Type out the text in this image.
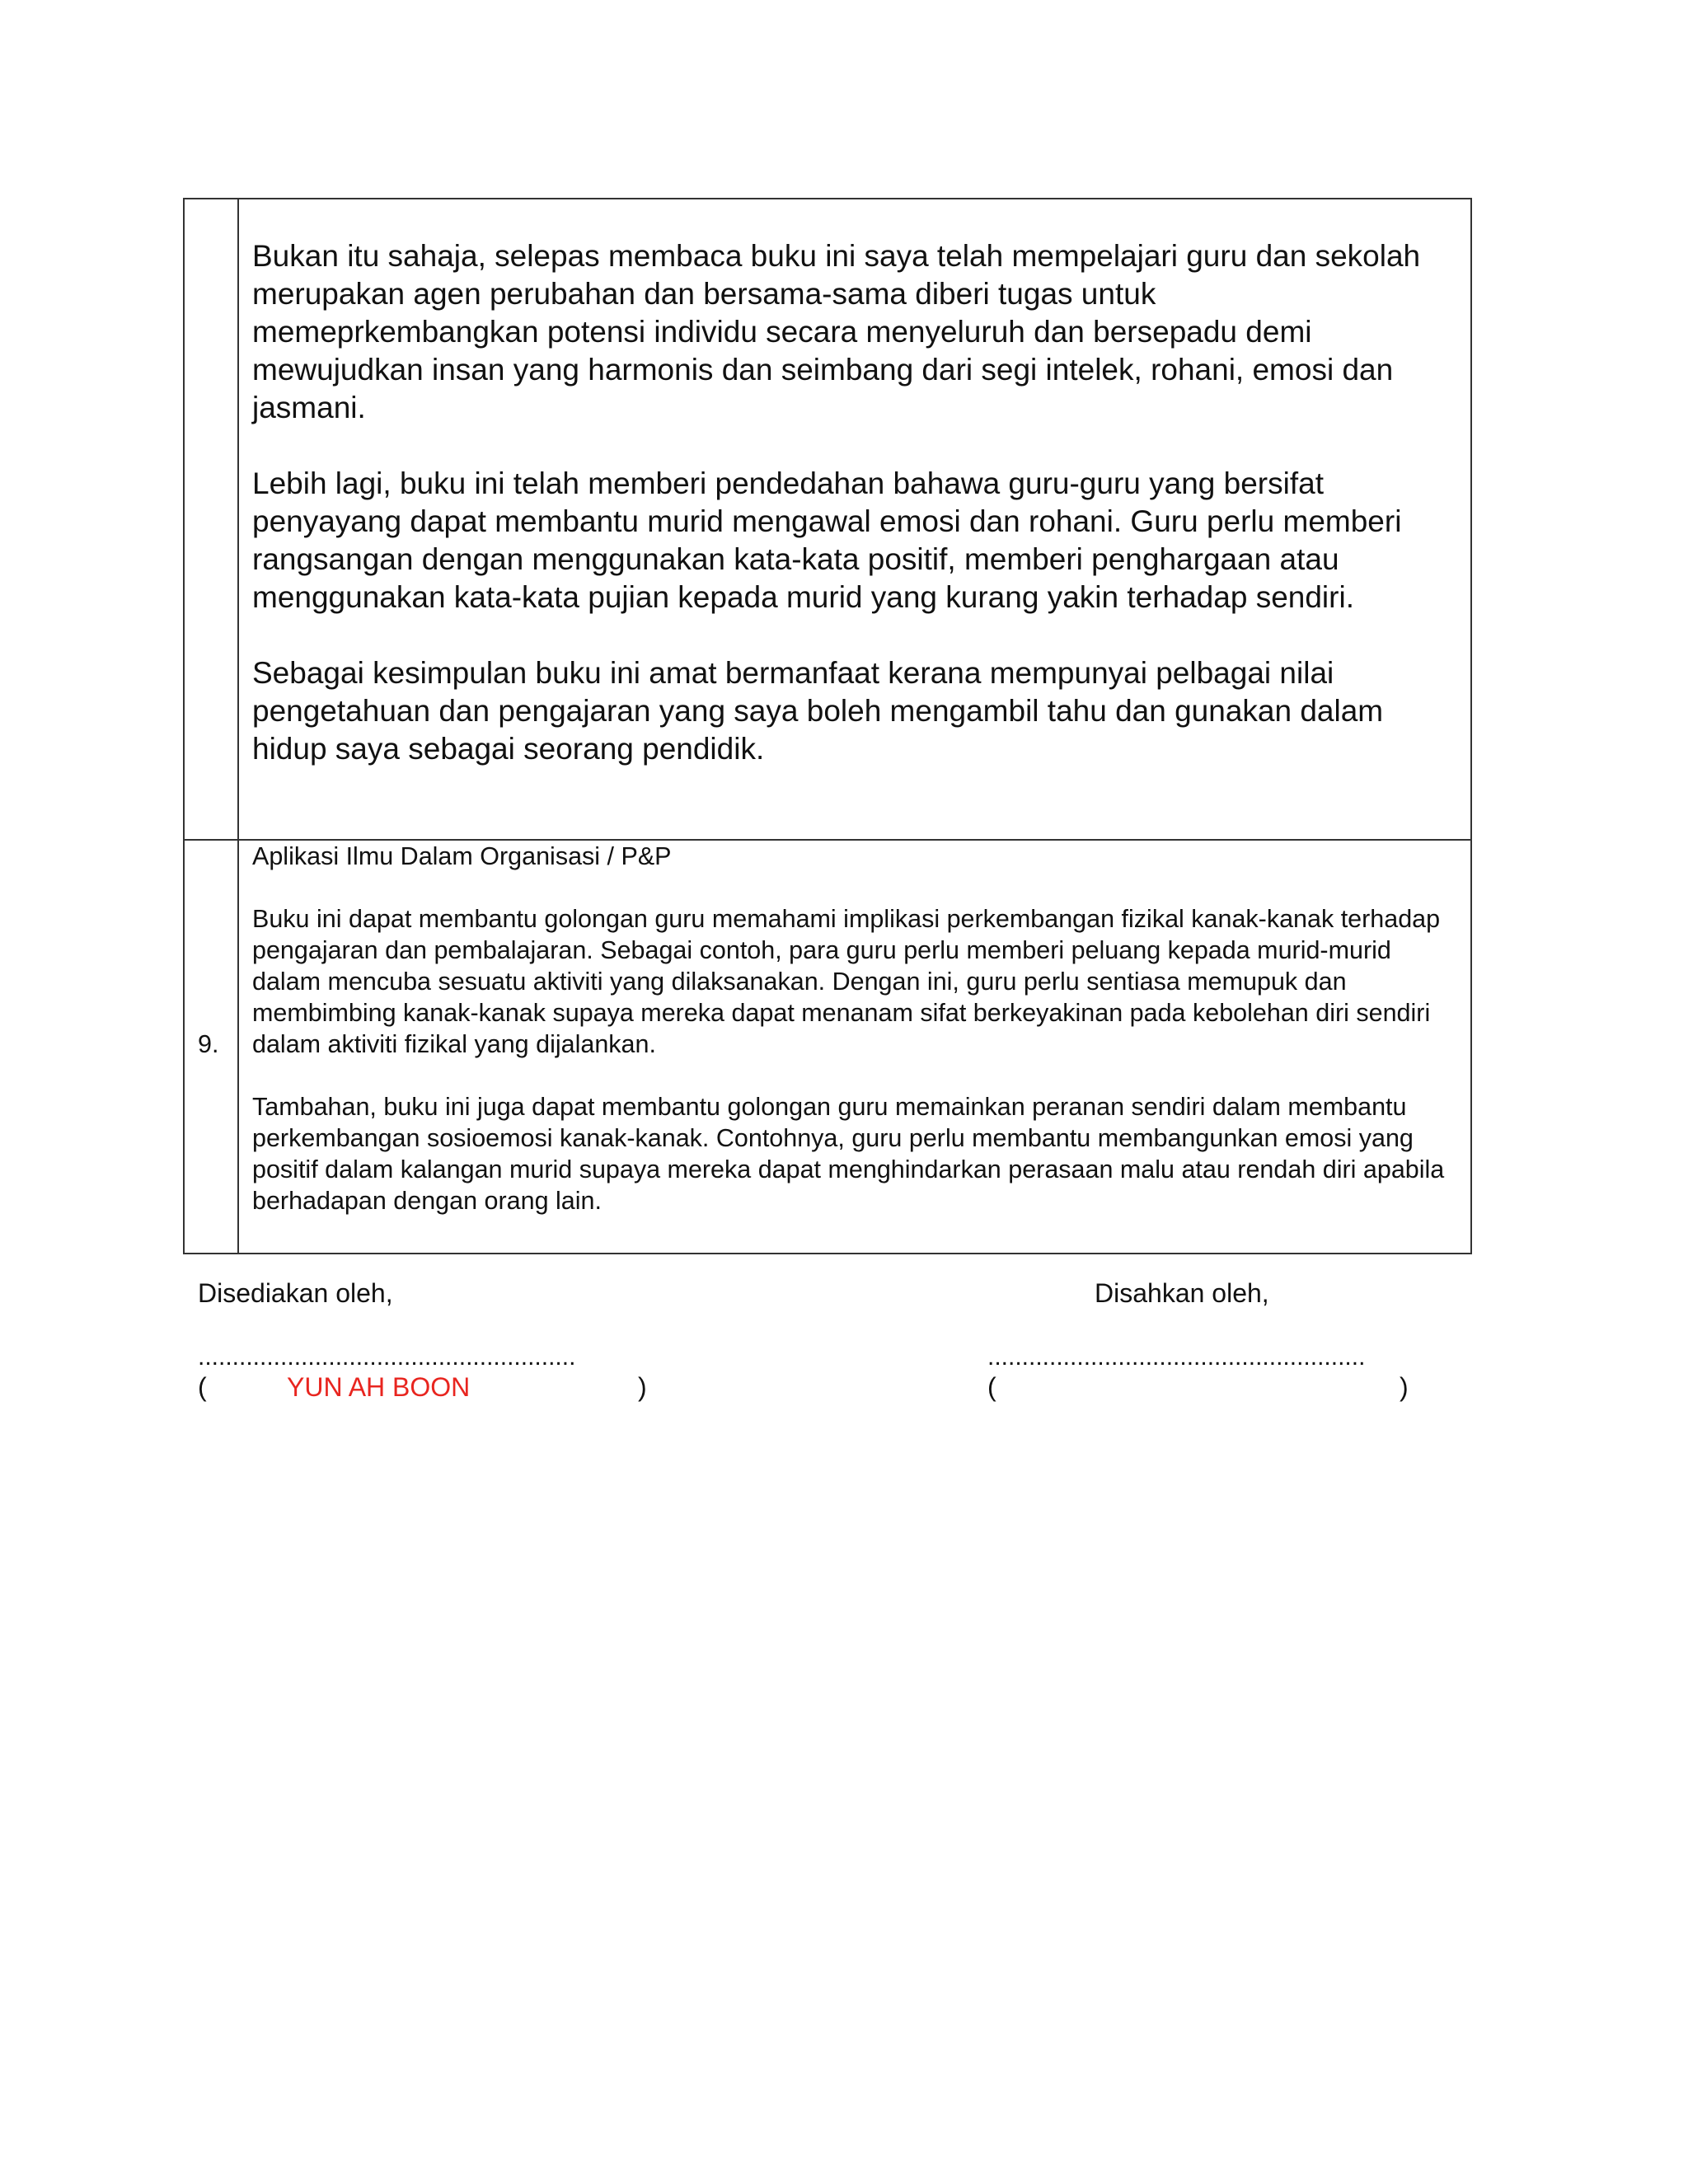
	Bukan itu sahaja, selepas membaca buku ini saya telah mempelajari guru dan sekolah merupakan agen perubahan dan bersama-sama diberi tugas untuk memeprkembangkan potensi individu secara menyeluruh dan bersepadu demi mewujudkan insan yang harmonis dan seimbang dari segi intelek, rohani, emosi dan jasmani.

Lebih lagi, buku ini telah memberi pendedahan bahawa guru-guru yang bersifat penyayang dapat membantu murid mengawal emosi dan rohani. Guru perlu memberi rangsangan dengan menggunakan kata-kata positif, memberi penghargaan atau menggunakan kata-kata pujian kepada murid yang kurang yakin terhadap sendiri.

Sebagai kesimpulan buku ini amat bermanfaat kerana mempunyai pelbagai nilai pengetahuan dan pengajaran yang saya boleh mengambil tahu dan gunakan dalam hidup saya sebagai seorang pendidik.

9.	Aplikasi Ilmu Dalam Organisasi / P&P

Buku ini dapat membantu golongan guru memahami implikasi perkembangan fizikal kanak-kanak terhadap pengajaran dan pembalajaran. Sebagai contoh, para guru perlu memberi peluang kepada murid-murid dalam mencuba sesuatu aktiviti yang dilaksanakan. Dengan ini, guru perlu sentiasa memupuk dan membimbing kanak-kanak supaya mereka dapat menanam sifat berkeyakinan pada kebolehan diri sendiri dalam aktiviti fizikal yang dijalankan.

Tambahan, buku ini juga dapat membantu golongan guru memainkan peranan sendiri dalam membantu perkembangan sosioemosi kanak-kanak. Contohnya, guru perlu membantu membangunkan emosi yang positif dalam kalangan murid supaya mereka dapat menghindarkan perasaan malu atau rendah diri apabila berhadapan dengan orang lain.

Disediakan oleh,	Disahkan oleh,
.......................................................	.......................................................
(	YUN AH BOON	)	(	)
